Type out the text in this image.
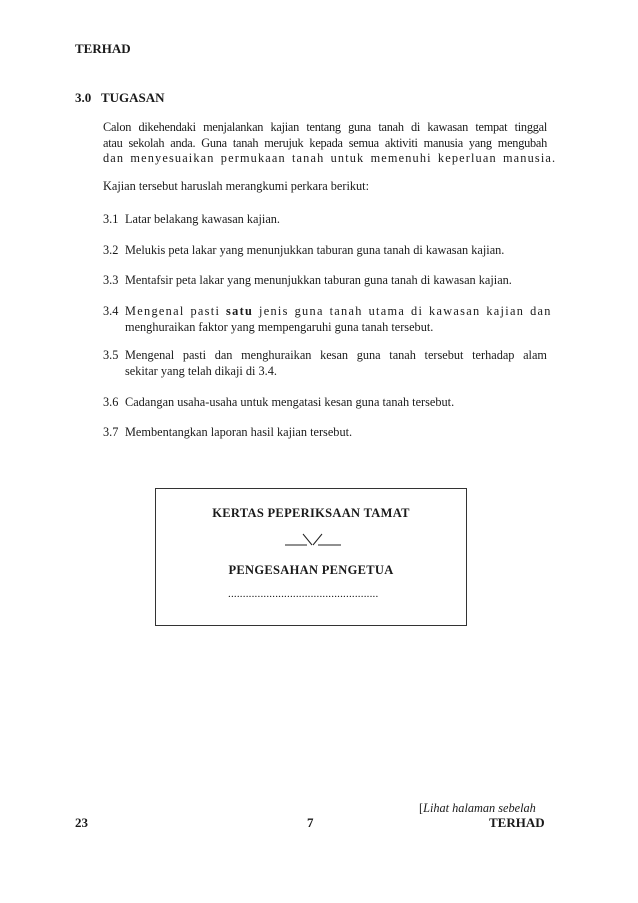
TERHAD
3.0 TUGASAN
Calon dikehendaki menjalankan kajian tentang guna tanah di kawasan tempat tinggal
atau sekolah anda. Guna tanah merujuk kepada semua aktiviti manusia yang mengubah
dan menyesuaikan permukaan tanah untuk memenuhi keperluan manusia.
Kajian tersebut haruslah merangkumi perkara berikut:
3.1 Latar belakang kawasan kajian.
3.2 Melukis peta lakar yang menunjukkan taburan guna tanah di kawasan kajian.
3.3 Mentafsir peta lakar yang menunjukkan taburan guna tanah di kawasan kajian.
3.4 Mengenal pasti satu jenis guna tanah utama di kawasan kajian dan
menghuraikan faktor yang mempengaruhi guna tanah tersebut.
3.5 Mengenal pasti dan menghuraikan kesan guna tanah tersebut terhadap alam
sekitar yang telah dikaji di 3.4.
3.6 Cadangan usaha-usaha untuk mengatasi kesan guna tanah tersebut.
3.7 Membentangkan laporan hasil kajian tersebut.
KERTAS PEPERIKSAAN TAMAT
PENGESAHAN PENGETUA
...................................................
[Lihat halaman sebelah
23	7	TERHAD
